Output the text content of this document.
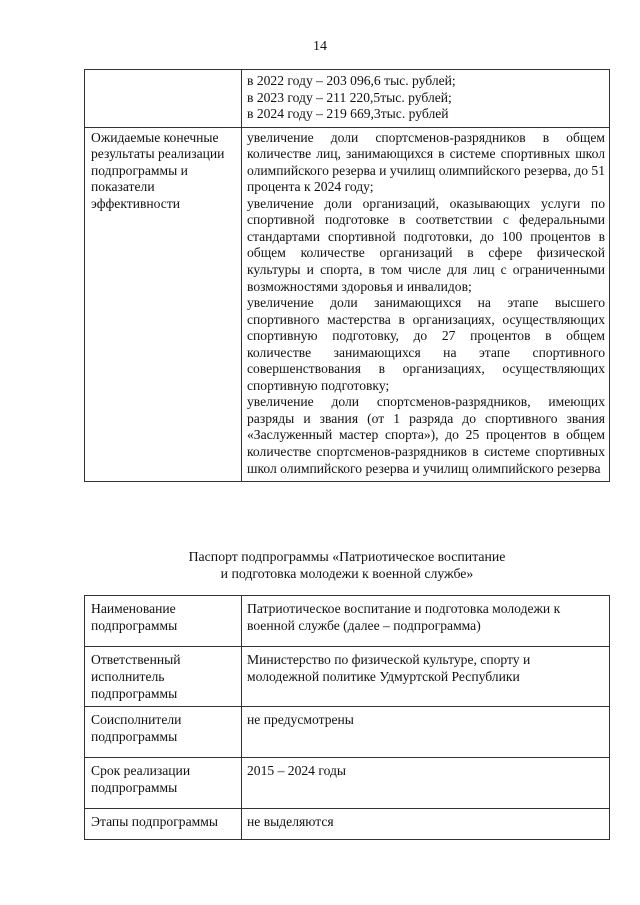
14

	в 2022 году – 203 096,6 тыс. рублей;
в 2023 году – 211 220,5тыс. рублей;
в 2024 году – 219 669,3тыс. рублей

Ожидаемые конечные результаты реализации подпрограммы и показатели эффективности	увеличение доли спортсменов-разрядников в общем количестве лиц, занимающихся в системе спортивных школ олимпийского резерва и училищ олимпийского резерва, до 51 процента к 2024 году;
увеличение доли организаций, оказывающих услуги по спортивной подготовке в соответствии с федеральными стандартами спортивной подготовки, до 100 процентов в общем количестве организаций в сфере физической культуры и спорта, в том числе для лиц с ограниченными возможностями здоровья и инвалидов;
увеличение доли занимающихся на этапе высшего спортивного мастерства в организациях, осуществляющих спортивную подготовку, до 27 процентов в общем количестве занимающихся на этапе спортивного совершенствования в организациях, осуществляющих спортивную подготовку;
увеличение доли спортсменов-разрядников, имеющих разряды и звания (от 1 разряда до спортивного звания «Заслуженный мастер спорта»), до 25 процентов в общем количестве спортсменов-разрядников в системе спортивных школ олимпийского резерва и училищ олимпийского резерва
Паспорт подпрограммы «Патриотическое воспитание
и подготовка молодежи к военной службе»
Наименование подпрограммы	Патриотическое воспитание и подготовка молодежи к военной службе (далее – подпрограмма)
Ответственный исполнитель подпрограммы	Министерство по физической культуре, спорту и молодежной политике Удмуртской Республики
Соисполнители подпрограммы	не предусмотрены
Срок реализации подпрограммы	2015 – 2024 годы
Этапы подпрограммы	не выделяются
